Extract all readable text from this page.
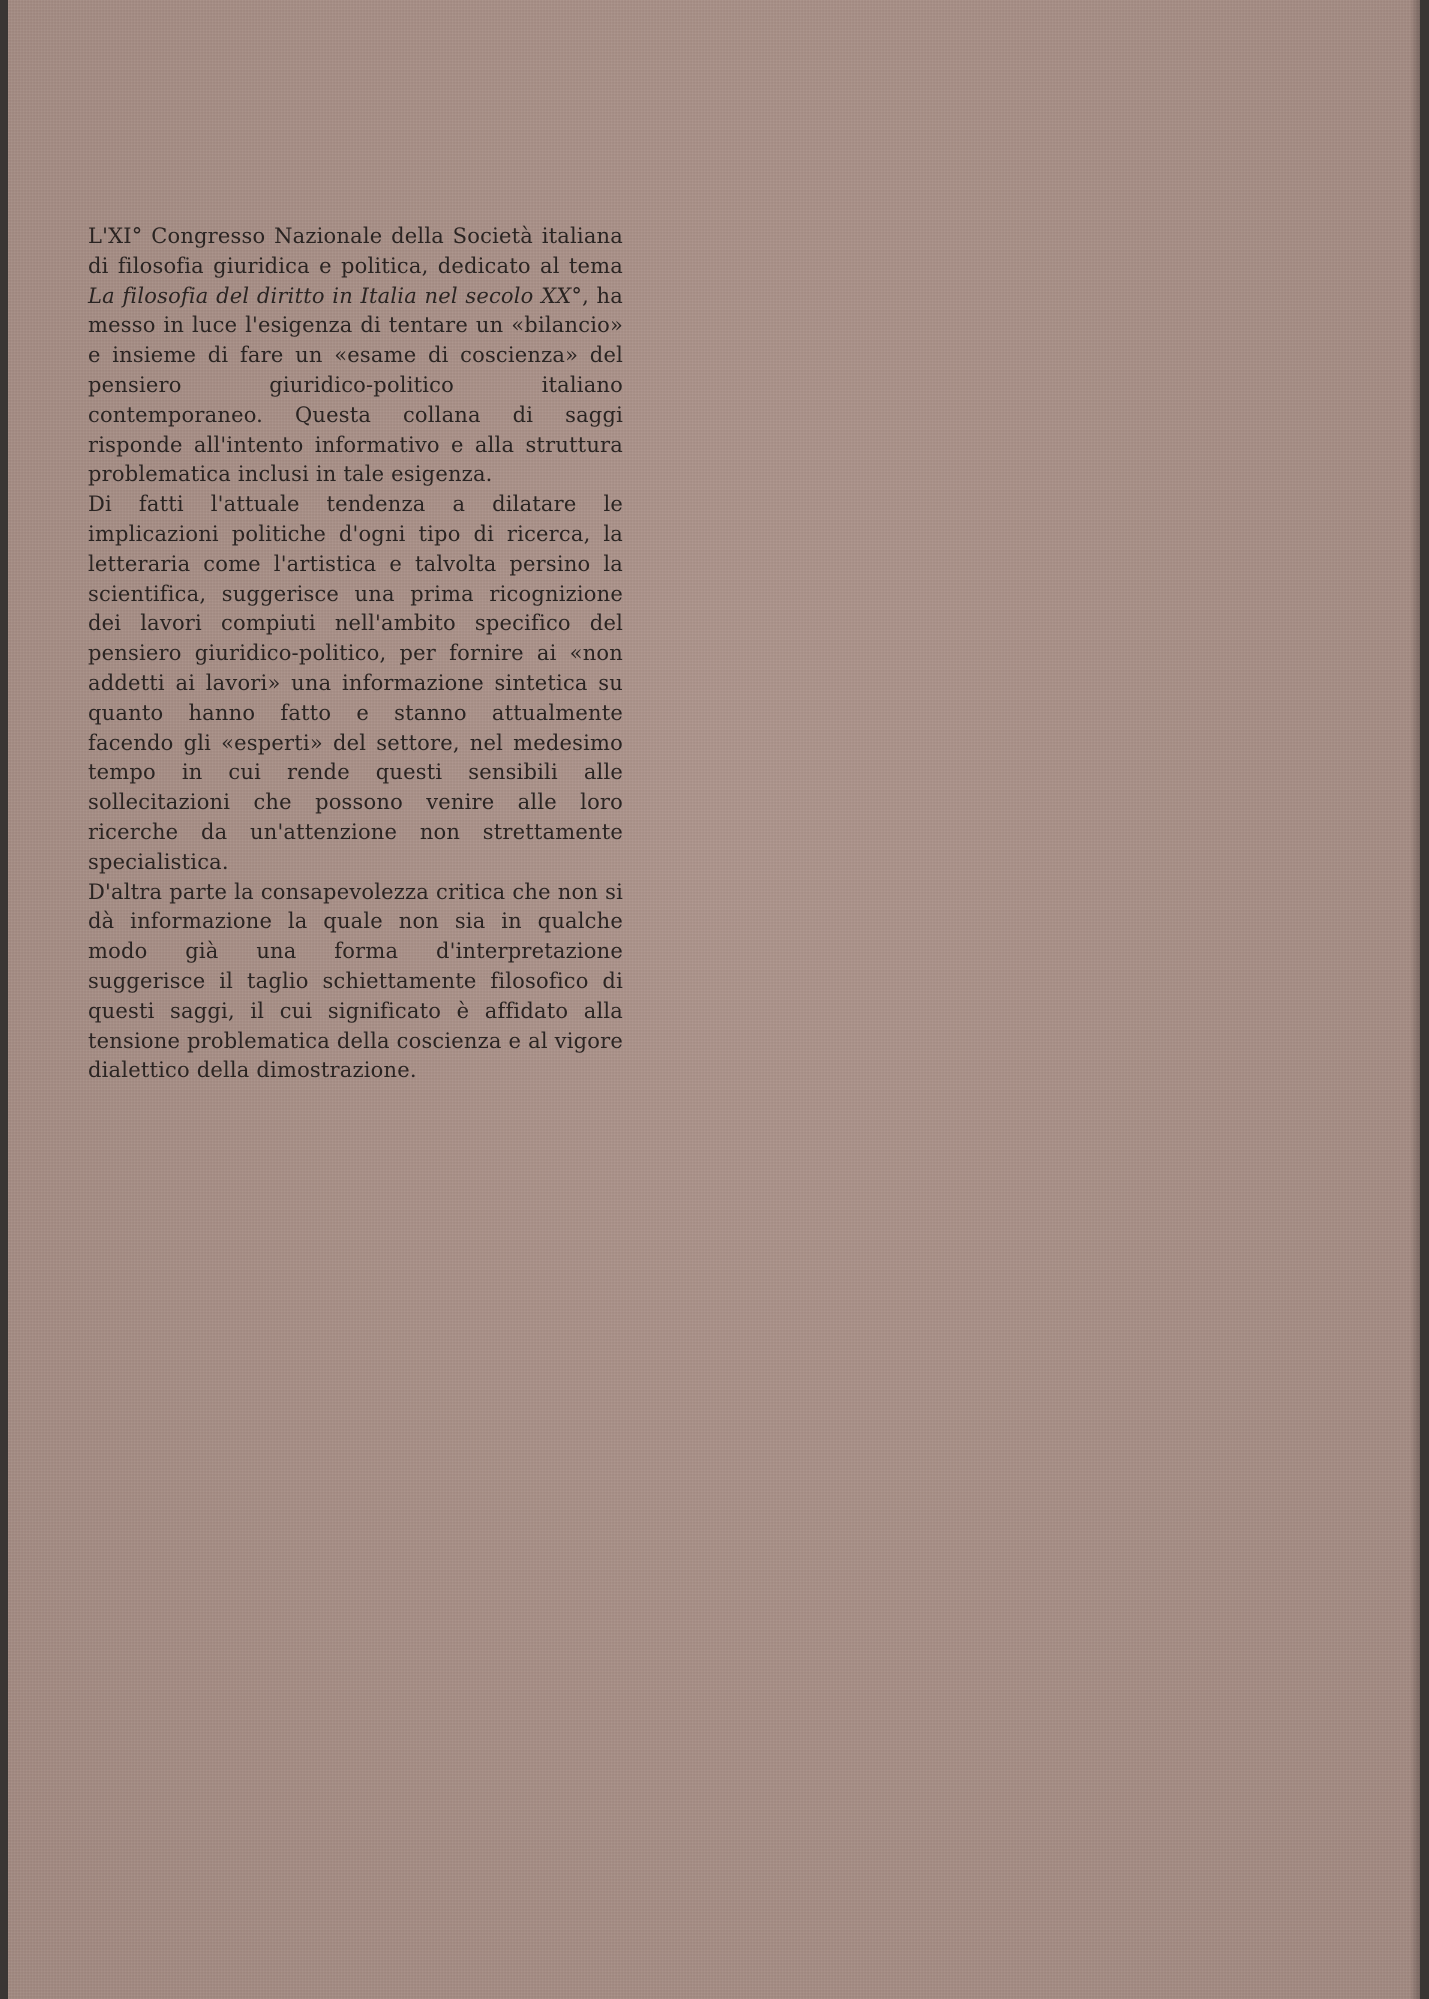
L'XI° Congresso Nazionale della Società italiana di filosofia giuridica e politica, dedicato al tema La filosofia del diritto in Italia nel secolo XX°, ha messo in luce l'esigenza di tentare un «bilancio» e insieme di fare un «esame di coscienza» del pensiero giuridico-politico italiano contemporaneo. Questa collana di saggi risponde all'intento informativo e alla struttura problematica inclusi in tale esigenza.

Di fatti l'attuale tendenza a dilatare le implicazioni politiche d'ogni tipo di ricerca, la letteraria come l'artistica e talvolta persino la scientifica, suggerisce una prima ricognizione dei lavori compiuti nell'ambito specifico del pensiero giuridico-politico, per fornire ai «non addetti ai lavori» una informazione sintetica su quanto hanno fatto e stanno attualmente facendo gli «esperti» del settore, nel medesimo tempo in cui rende questi sensibili alle sollecitazioni che possono venire alle loro ricerche da un'attenzione non strettamente specialistica.

D'altra parte la consapevolezza critica che non si dà informazione la quale non sia in qualche modo già una forma d'interpretazione suggerisce il taglio schiettamente filosofico di questi saggi, il cui significato è affidato alla tensione problematica della coscienza e al vigore dialettico della dimostrazione.
